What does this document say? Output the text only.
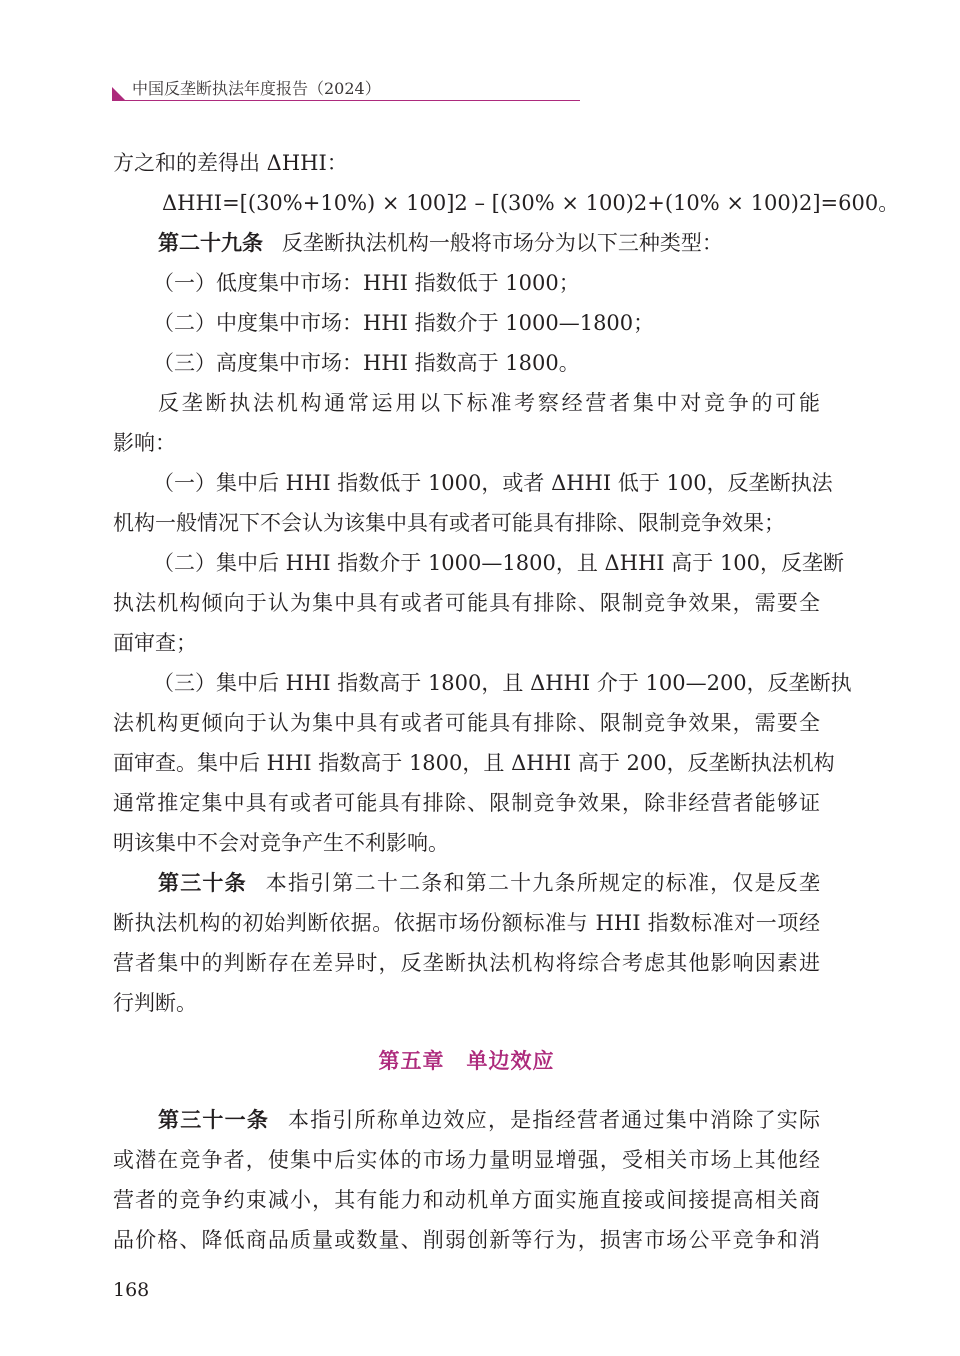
中国反垄断执法年度报告（2024）
方之和的差得出 ΔHHI：
ΔHHI=[(30%+10%) × 100]2 – [(30% × 100)2+(10% × 100)2]=600。
第二十九条 反垄断执法机构一般将市场分为以下三种类型：
（一）低度集中市场：HHI 指数低于 1000；
（二）中度集中市场：HHI 指数介于 1000—1800；
（三）高度集中市场：HHI 指数高于 1800。
反垄断执法机构通常运用以下标准考察经营者集中对竞争的可能
影响：
（一）集中后 HHI 指数低于 1000，或者 ΔHHI 低于 100，反垄断执法
机构一般情况下不会认为该集中具有或者可能具有排除、限制竞争效果；
（二）集中后 HHI 指数介于 1000—1800，且 ΔHHI 高于 100，反垄断
执法机构倾向于认为集中具有或者可能具有排除、限制竞争效果，需要全
面审查；
（三）集中后 HHI 指数高于 1800，且 ΔHHI 介于 100—200，反垄断执
法机构更倾向于认为集中具有或者可能具有排除、限制竞争效果，需要全
面审查。集中后 HHI 指数高于 1800，且 ΔHHI 高于 200，反垄断执法机构
通常推定集中具有或者可能具有排除、限制竞争效果，除非经营者能够证
明该集中不会对竞争产生不利影响。
第三十条 本指引第二十二条和第二十九条所规定的标准，仅是反垄
断执法机构的初始判断依据。依据市场份额标准与 HHI 指数标准对一项经
营者集中的判断存在差异时，反垄断执法机构将综合考虑其他影响因素进
行判断。
第五章　单边效应
第三十一条 本指引所称单边效应，是指经营者通过集中消除了实际
或潜在竞争者，使集中后实体的市场力量明显增强，受相关市场上其他经
营者的竞争约束减小，其有能力和动机单方面实施直接或间接提高相关商
品价格、降低商品质量或数量、削弱创新等行为，损害市场公平竞争和消
168
